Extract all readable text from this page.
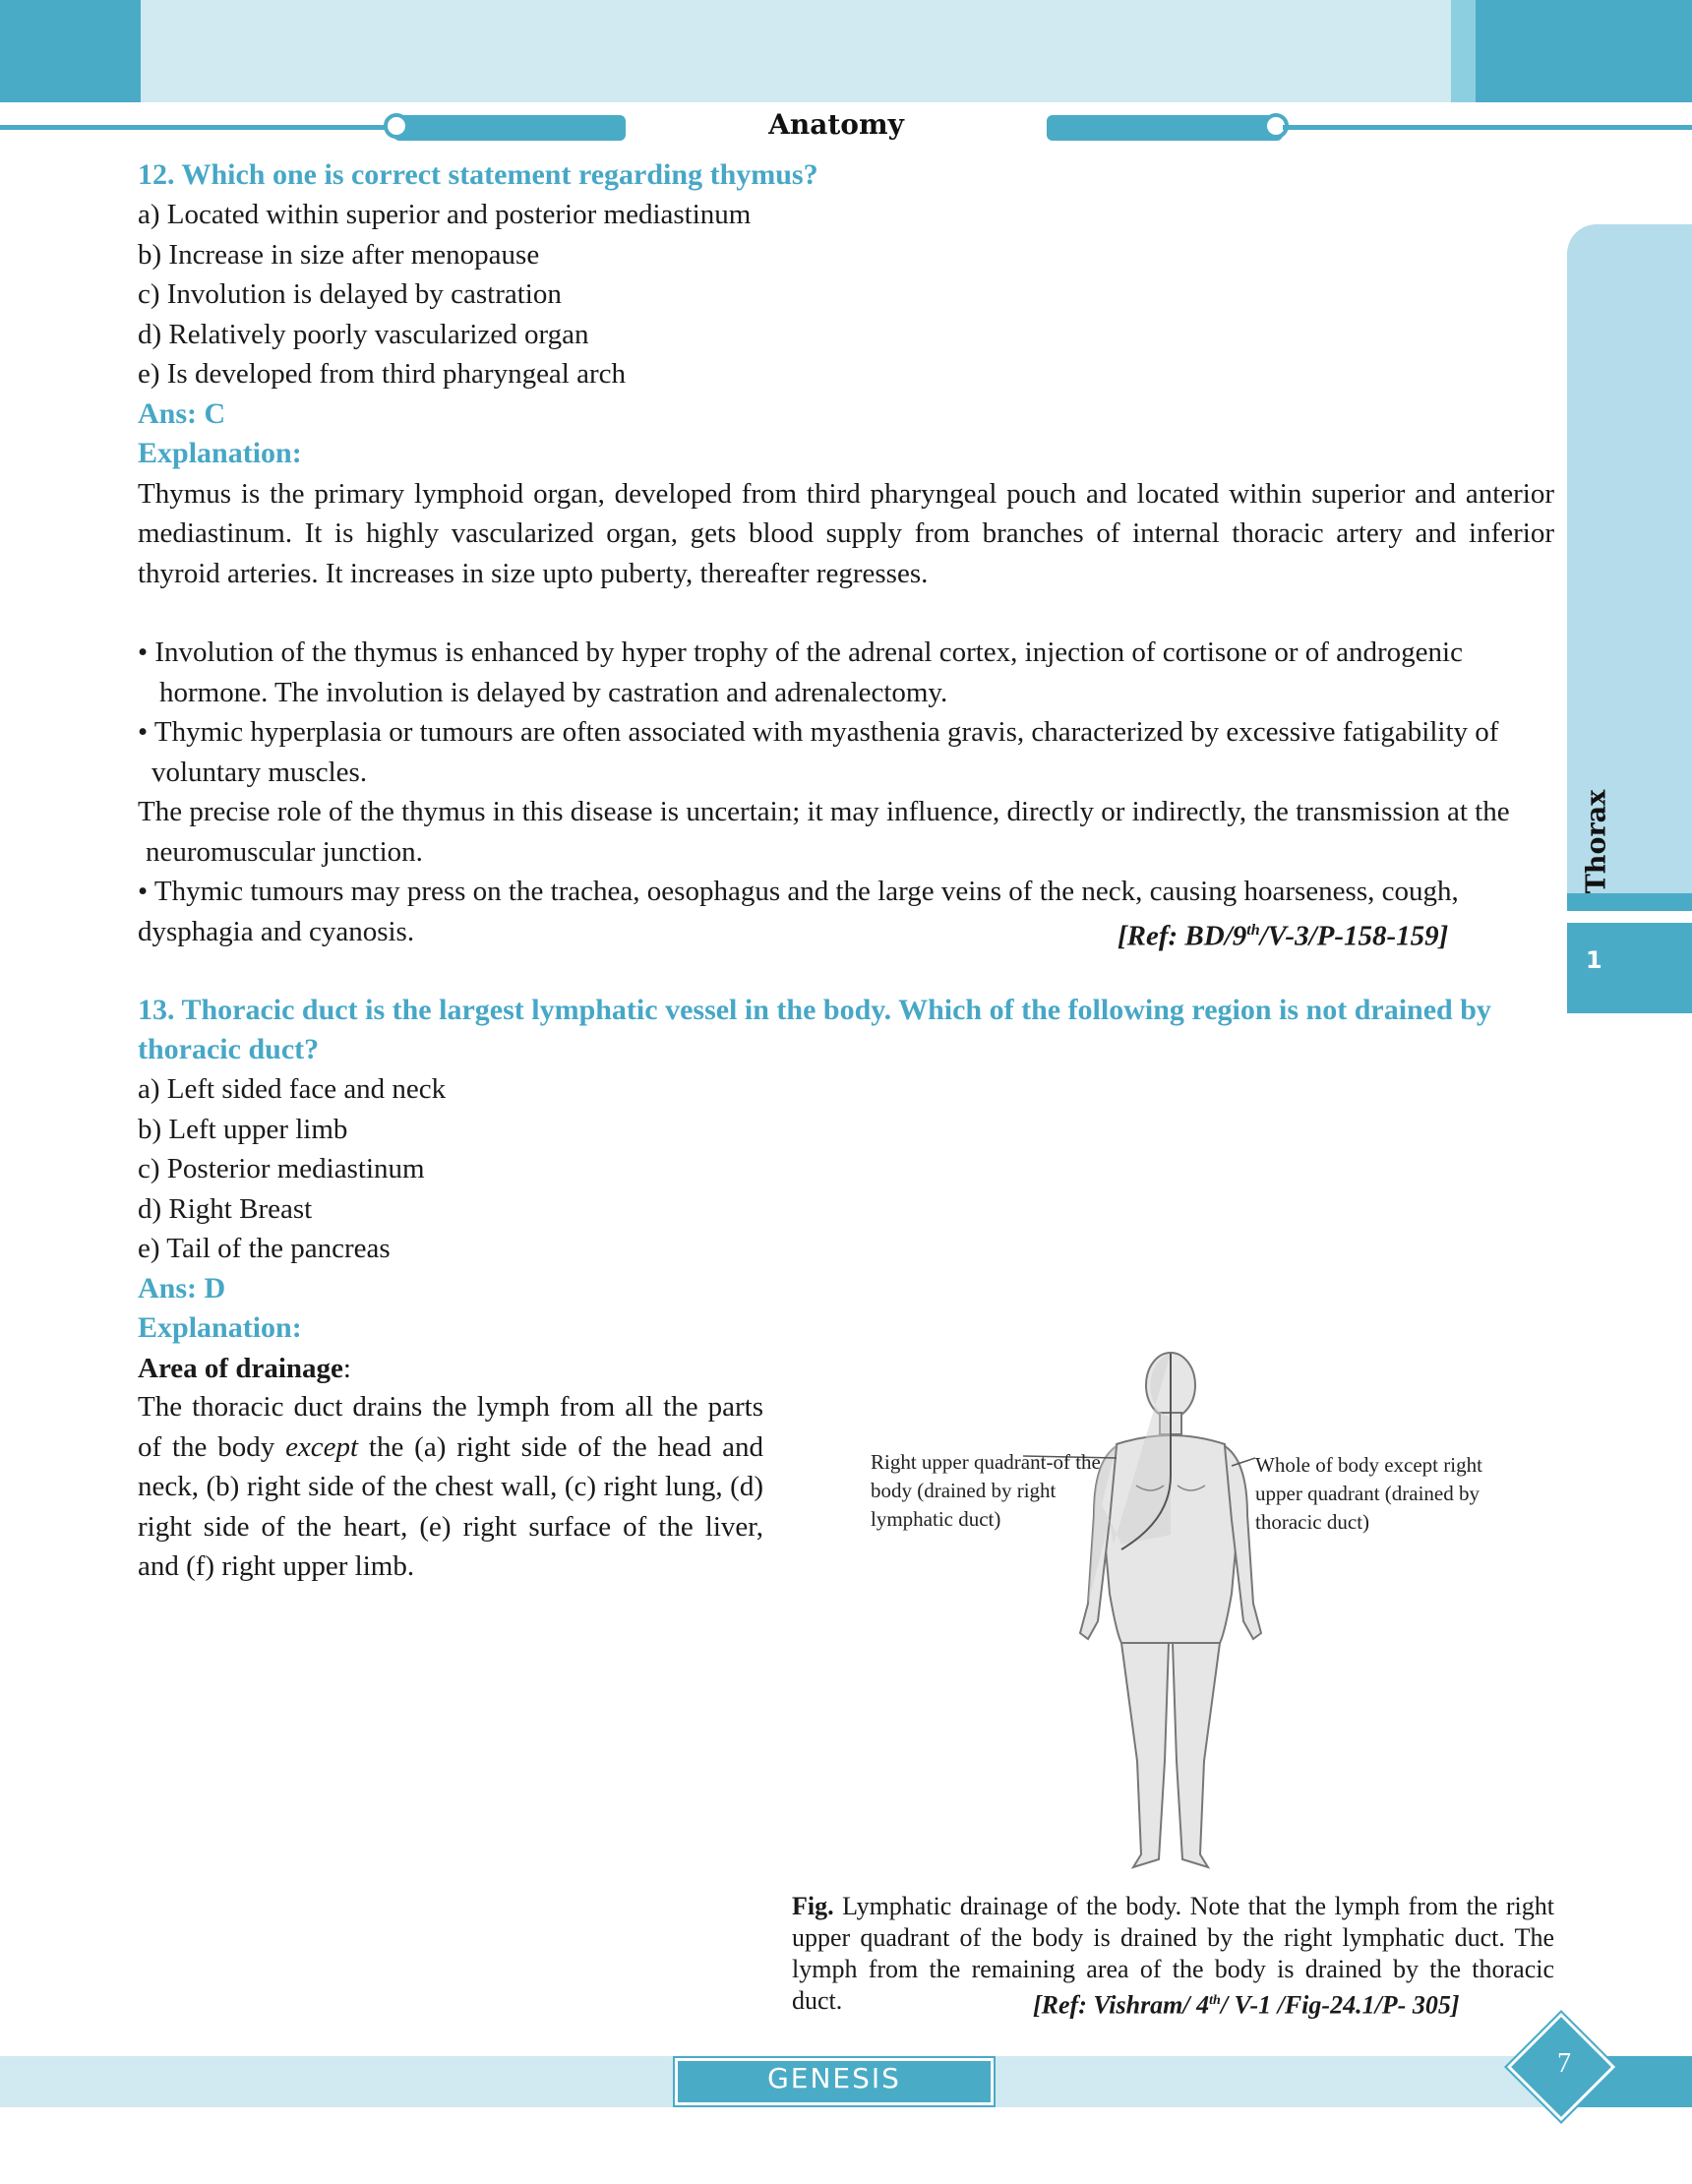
Anatomy
Thorax
1

12. Which one is correct statement regarding thymus?

a) Located within superior and posterior mediastinum

b) Increase in size after menopause

c) Involution is delayed by castration

d) Relatively poorly vascularized organ

e) Is developed from third pharyngeal arch

Ans: C

Explanation:

Thymus is the primary lymphoid organ, developed from third pharyngeal pouch and located within superior and anterior mediastinum. It is highly vascularized organ, gets blood supply from branches of internal thoracic artery and inferior thyroid arteries. It increases in size upto puberty, thereafter regresses.

• Involution of the thymus is enhanced by hyper trophy of the adrenal cortex, injection of cortisone or of androgenic hormone. The involution is delayed by castration and adrenalectomy.

• Thymic hyperplasia or tumours are often associated with myasthenia gravis, characterized by excessive fatigability of voluntary muscles.

The precise role of the thymus in this disease is uncertain; it may influence, directly or indirectly, the transmission at the neuromuscular junction.

• Thymic tumours may press on the trachea, oesophagus and the large veins of the neck, causing hoarseness, cough, dysphagia and cyanosis.	[Ref: BD/9th/V-3/P-158-159]

13. Thoracic duct is the largest lymphatic vessel in the body. Which of the following region is not drained by thoracic duct?

a) Left sided face and neck

b) Left upper limb

c) Posterior mediastinum

d) Right Breast

e) Tail of the pancreas

Ans: D

Explanation:

Area of drainage:

The thoracic duct drains the lymph from all the parts of the body except the (a) right side of the head and neck, (b) right side of the chest wall, (c) right lung, (d) right side of the heart, (e) right surface of the liver, and (f) right upper limb.

Right upper quadrant-of the body (drained by right lymphatic duct)
Whole of body except right upper quadrant (drained by thoracic duct)

Fig. Lymphatic drainage of the body. Note that the lymph from the right upper quadrant of the body is drained by the right lymphatic duct. The lymph from the remaining area of the body is drained by the thoracic duct.	[Ref: Vishram/ 4th/ V-1 /Fig-24.1/P- 305]

GENESIS	7
